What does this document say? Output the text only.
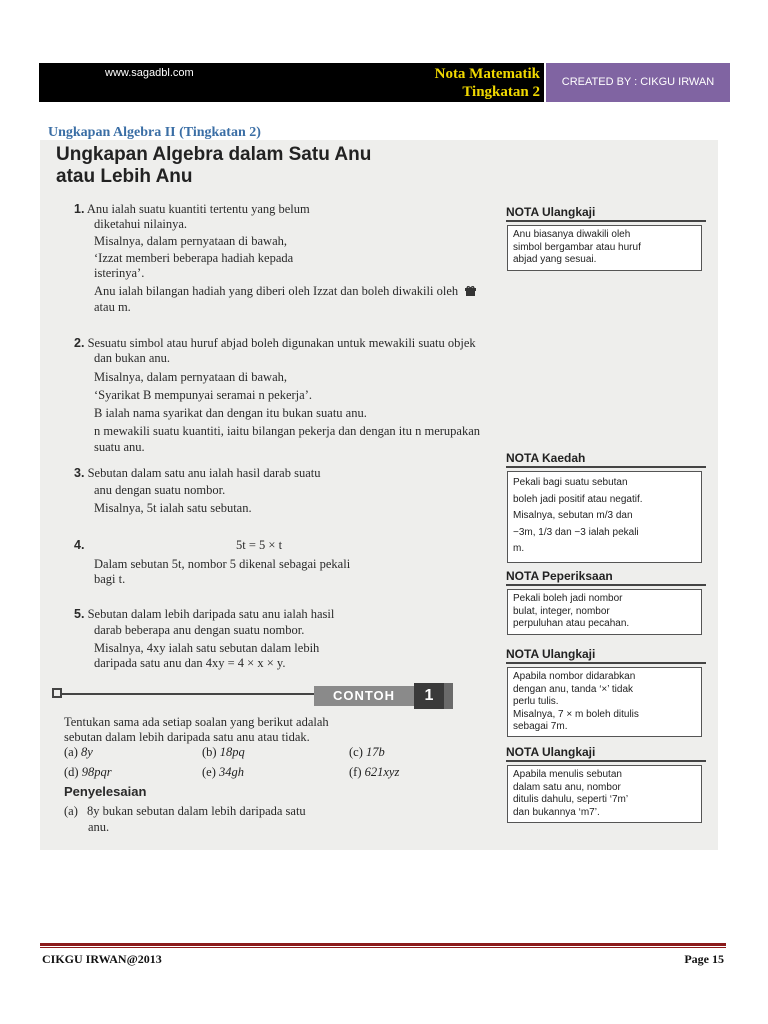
www.sagadbl.com	Nota Matematik
Tingkatan 2
CREATED BY : CIKGU IRWAN
Ungkapan Algebra II (Tingkatan 2)
Ungkapan Algebra dalam Satu Anu
atau Lebih Anu
1. Anu ialah suatu kuantiti tertentu yang belum
diketahui nilainya.
Misalnya, dalam pernyataan di bawah,
‘Izzat memberi beberapa hadiah kepada
isterinya’.
Anu ialah bilangan hadiah yang diberi oleh Izzat dan boleh diwakili oleh
atau m.
NOTA Ulangkaji
Anu biasanya diwakili oleh
simbol bergambar atau huruf
abjad yang sesuai.
2. Sesuatu simbol atau huruf abjad boleh digunakan untuk mewakili suatu objek
dan bukan anu.
Misalnya, dalam pernyataan di bawah,
‘Syarikat B mempunyai seramai n pekerja’.
B ialah nama syarikat dan dengan itu bukan suatu anu.
n mewakili suatu kuantiti, iaitu bilangan pekerja dan dengan itu n merupakan
suatu anu.
3. Sebutan dalam satu anu ialah hasil darab suatu
anu dengan suatu nombor.
Misalnya, 5t ialah satu sebutan.
NOTA Kaedah
Pekali bagi suatu sebutan
boleh jadi positif atau negatif.
Misalnya, sebutan m/3 dan
−3m, 1/3 dan −3 ialah pekali
m.
4.	5t = 5 × t
Dalam sebutan 5t, nombor 5 dikenal sebagai pekali
bagi t.	NOTA Peperiksaan
Pekali boleh jadi nombor
bulat, integer, nombor
perpuluhan atau pecahan.
5. Sebutan dalam lebih daripada satu anu ialah hasil
darab beberapa anu dengan suatu nombor.
Misalnya, 4xy ialah satu sebutan dalam lebih
daripada satu anu dan 4xy = 4 × x × y.
NOTA Ulangkaji
Apabila nombor didarabkan
dengan anu, tanda ‘×’ tidak
perlu tulis.
Misalnya, 7 × m boleh ditulis
sebagai 7m.
CONTOH	1
Tentukan sama ada setiap soalan yang berikut adalah
sebutan dalam lebih daripada satu anu atau tidak.
(a) 8y	(b) 18pq	(c) 17b
(d) 98pqr	(e) 34gh	(f) 621xyz
Penyelesaian
(a) 8y bukan sebutan dalam lebih daripada satu
anu.
NOTA Ulangkaji
Apabila menulis sebutan
dalam satu anu, nombor
ditulis dahulu, seperti ‘7m’
dan bukannya ‘m7’.
CIKGU IRWAN@2013	Page 15
